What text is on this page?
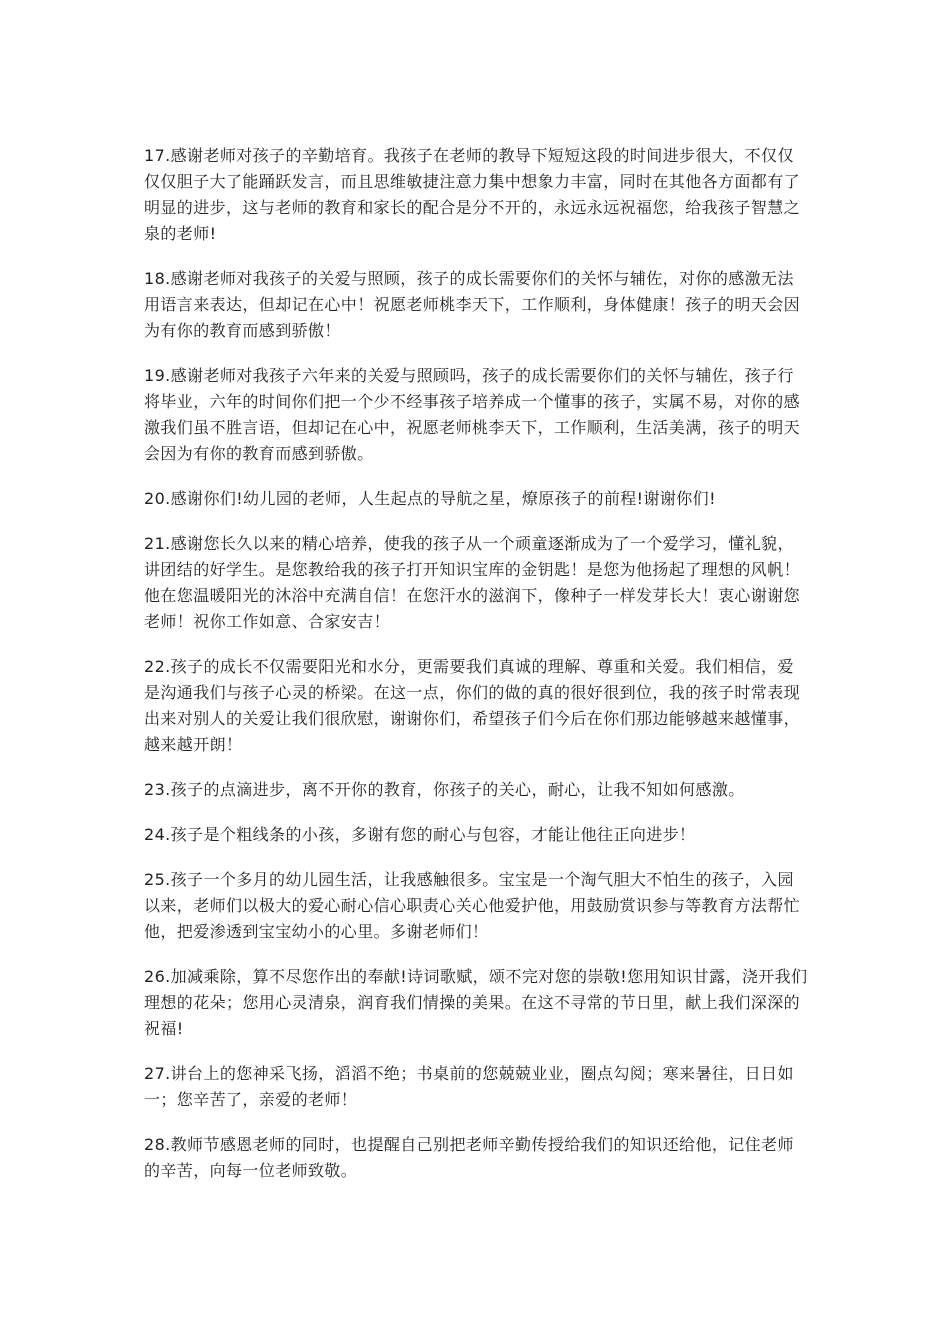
17.感谢老师对孩子的辛勤培育。我孩子在老师的教导下短短这段的时间进步很大，不仅仅仅仅胆子大了能踊跃发言，而且思维敏捷注意力集中想象力丰富，同时在其他各方面都有了明显的进步，这与老师的教育和家长的配合是分不开的，永远永远祝福您，给我孩子智慧之泉的老师!

18.感谢老师对我孩子的关爱与照顾，孩子的成长需要你们的关怀与辅佐，对你的感激无法用语言来表达，但却记在心中！祝愿老师桃李天下，工作顺利，身体健康！孩子的明天会因为有你的教育而感到骄傲！

19.感谢老师对我孩子六年来的关爱与照顾吗，孩子的成长需要你们的关怀与辅佐，孩子行将毕业，六年的时间你们把一个少不经事孩子培养成一个懂事的孩子，实属不易，对你的感激我们虽不胜言语，但却记在心中，祝愿老师桃李天下，工作顺利，生活美满，孩子的明天会因为有你的教育而感到骄傲。

20.感谢你们!幼儿园的老师，人生起点的导航之星，燎原孩子的前程!谢谢你们!

21.感谢您长久以来的精心培养，使我的孩子从一个顽童逐渐成为了一个爱学习，懂礼貌，讲团结的好学生。是您教给我的孩子打开知识宝库的金钥匙！是您为他扬起了理想的风帆！他在您温暖阳光的沐浴中充满自信！在您汗水的滋润下，像种子一样发芽长大！衷心谢谢您老师！祝你工作如意、合家安吉！

22.孩子的成长不仅需要阳光和水分，更需要我们真诚的理解、尊重和关爱。我们相信，爱是沟通我们与孩子心灵的桥梁。在这一点，你们的做的真的很好很到位，我的孩子时常表现出来对别人的关爱让我们很欣慰，谢谢你们，希望孩子们今后在你们那边能够越来越懂事，越来越开朗！

23.孩子的点滴进步，离不开你的教育，你孩子的关心，耐心，让我不知如何感激。

24.孩子是个粗线条的小孩，多谢有您的耐心与包容，才能让他往正向进步！

25.孩子一个多月的幼儿园生活，让我感触很多。宝宝是一个淘气胆大不怕生的孩子，入园以来，老师们以极大的爱心耐心信心职责心关心他爱护他，用鼓励赏识参与等教育方法帮忙他，把爱渗透到宝宝幼小的心里。多谢老师们！

26.加减乘除，算不尽您作出的奉献!诗词歌赋，颂不完对您的崇敬!您用知识甘露，浇开我们理想的花朵；您用心灵清泉，润育我们情操的美果。在这不寻常的节日里，献上我们深深的祝福!

27.讲台上的您神采飞扬，滔滔不绝；书桌前的您兢兢业业，圈点勾阅；寒来暑往，日日如一；您辛苦了，亲爱的老师！

28.教师节感恩老师的同时，也提醒自己别把老师辛勤传授给我们的知识还给他，记住老师的辛苦，向每一位老师致敬。
